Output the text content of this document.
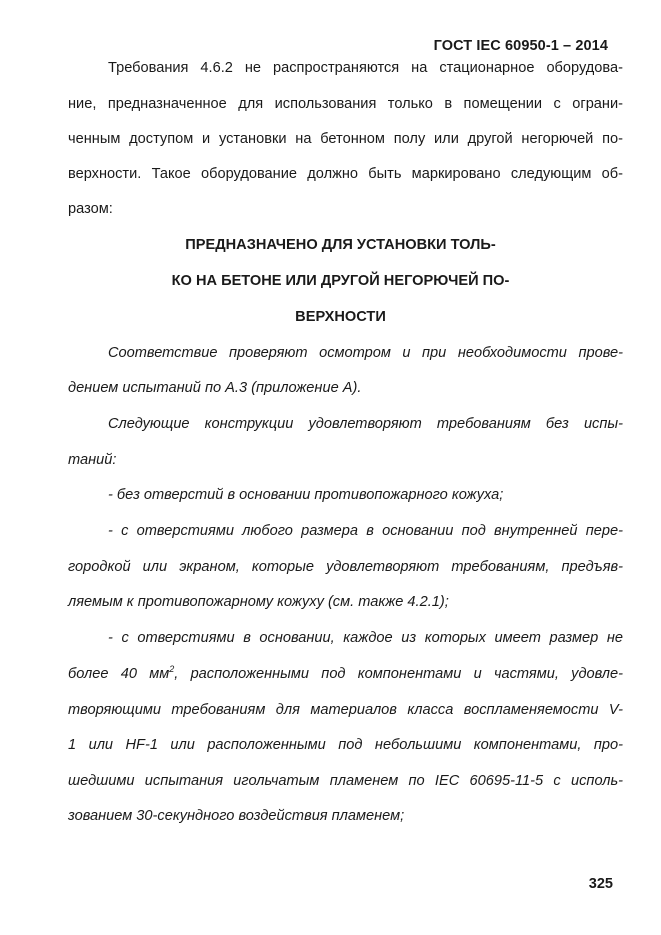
ГОСТ IEC 60950-1 – 2014
Требования 4.6.2 не распространяются на стационарное оборудова-
ние, предназначенное для использования только в помещении с ограни-
ченным доступом и установки на бетонном полу или другой негорючей по-
верхности. Такое оборудование должно быть маркировано следующим об-
разом:
ПРЕДНАЗНАЧЕНО ДЛЯ УСТАНОВКИ ТОЛЬ-
КО НА БЕТОНЕ ИЛИ ДРУГОЙ НЕГОРЮЧЕЙ ПО-
ВЕРХНОСТИ
Соответствие проверяют осмотром и при необходимости прове-
дением испытаний по А.3 (приложение А).
Следующие конструкции удовлетворяют требованиям без испы-
таний:
- без отверстий в основании противопожарного кожуха;
- с отверстиями любого размера в основании под внутренней пере-
городкой или экраном, которые удовлетворяют требованиям, предъяв-
ляемым к противопожарному кожуху (см. также 4.2.1);
- с отверстиями в основании, каждое из которых имеет размер не
более 40 $мм^2$, расположенными под компонентами и частями, удовле-
творяющими требованиям для материалов класса воспламеняемости V-
1 или HF-1 или расположенными под небольшими компонентами, про-
шедшими испытания игольчатым пламенем по IEC 60695-11-5 с исполь-
зованием 30-секундного воздействия пламенем;
325
